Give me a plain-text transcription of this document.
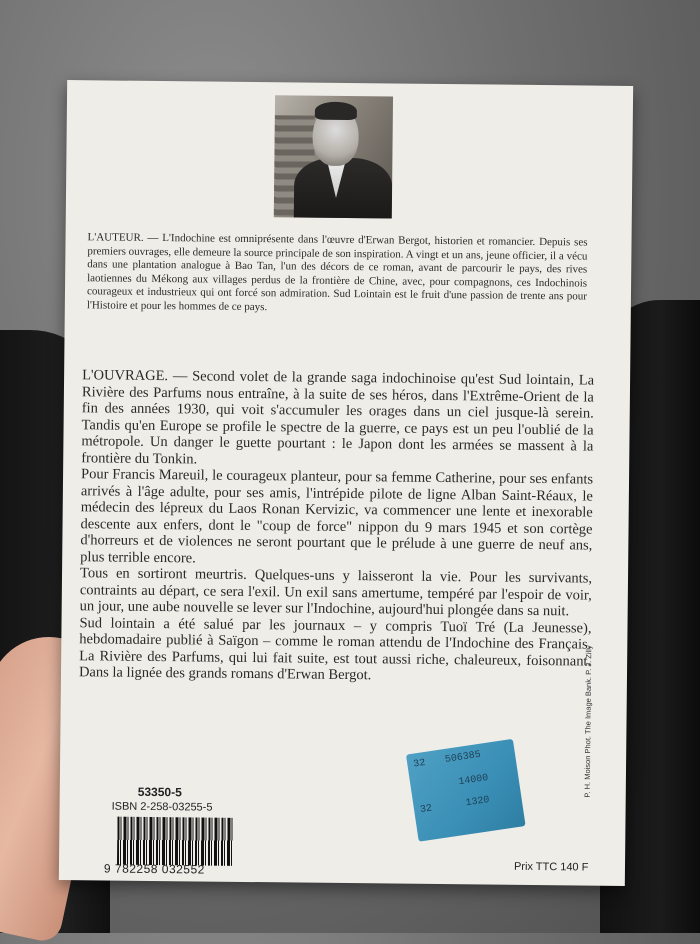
L'AUTEUR. — L'Indochine est omniprésente dans l'œuvre d'Erwan Bergot, historien et romancier. Depuis ses premiers ouvrages, elle demeure la source principale de son inspiration. A vingt et un ans, jeune officier, il a vécu dans une plantation analogue à Bao Tan, l'un des décors de ce roman, avant de parcourir le pays, des rives laotiennes du Mékong aux villages perdus de la frontière de Chine, avec, pour compagnons, ces Indochinois courageux et industrieux qui ont forcé son admiration. Sud Lointain est le fruit d'une passion de trente ans pour l'Histoire et pour les hommes de ce pays.

L'OUVRAGE. — Second volet de la grande saga indochinoise qu'est Sud lointain, La Rivière des Parfums nous entraîne, à la suite de ses héros, dans l'Extrême-Orient de la fin des années 1930, qui voit s'accumuler les orages dans un ciel jusque-là serein. Tandis qu'en Europe se profile le spectre de la guerre, ce pays est un peu l'oublié de la métropole. Un danger le guette pourtant : le Japon dont les armées se massent à la frontière du Tonkin.

Pour Francis Mareuil, le courageux planteur, pour sa femme Catherine, pour ses enfants arrivés à l'âge adulte, pour ses amis, l'intrépide pilote de ligne Alban Saint-Réaux, le médecin des lépreux du Laos Ronan Kervizic, va commencer une lente et inexorable descente aux enfers, dont le "coup de force" nippon du 9 mars 1945 et son cortège d'horreurs et de violences ne seront pourtant que le prélude à une guerre de neuf ans, plus terrible encore.

Tous en sortiront meurtris. Quelques-uns y laisseront la vie. Pour les survivants, contraints au départ, ce sera l'exil. Un exil sans amertume, tempéré par l'espoir de voir, un jour, une aube nouvelle se lever sur l'Indochine, aujourd'hui plongée dans sa nuit.

Sud lointain a été salué par les journaux – y compris Tuoï Tré (La Jeunesse), hebdomadaire publié à Saïgon – comme le roman attendu de l'Indochine des Français. La Rivière des Parfums, qui lui fait suite, est tout aussi riche, chaleureux, foisonnant. Dans la lignée des grands romans d'Erwan Bergot.

53350-5
ISBN 2-258-03255-5
9 782258 032552
32 506385
14000
32
1320
Prix TTC 140 F
P. H. Moison Phot. The Image Bank. P. J. Zilly
